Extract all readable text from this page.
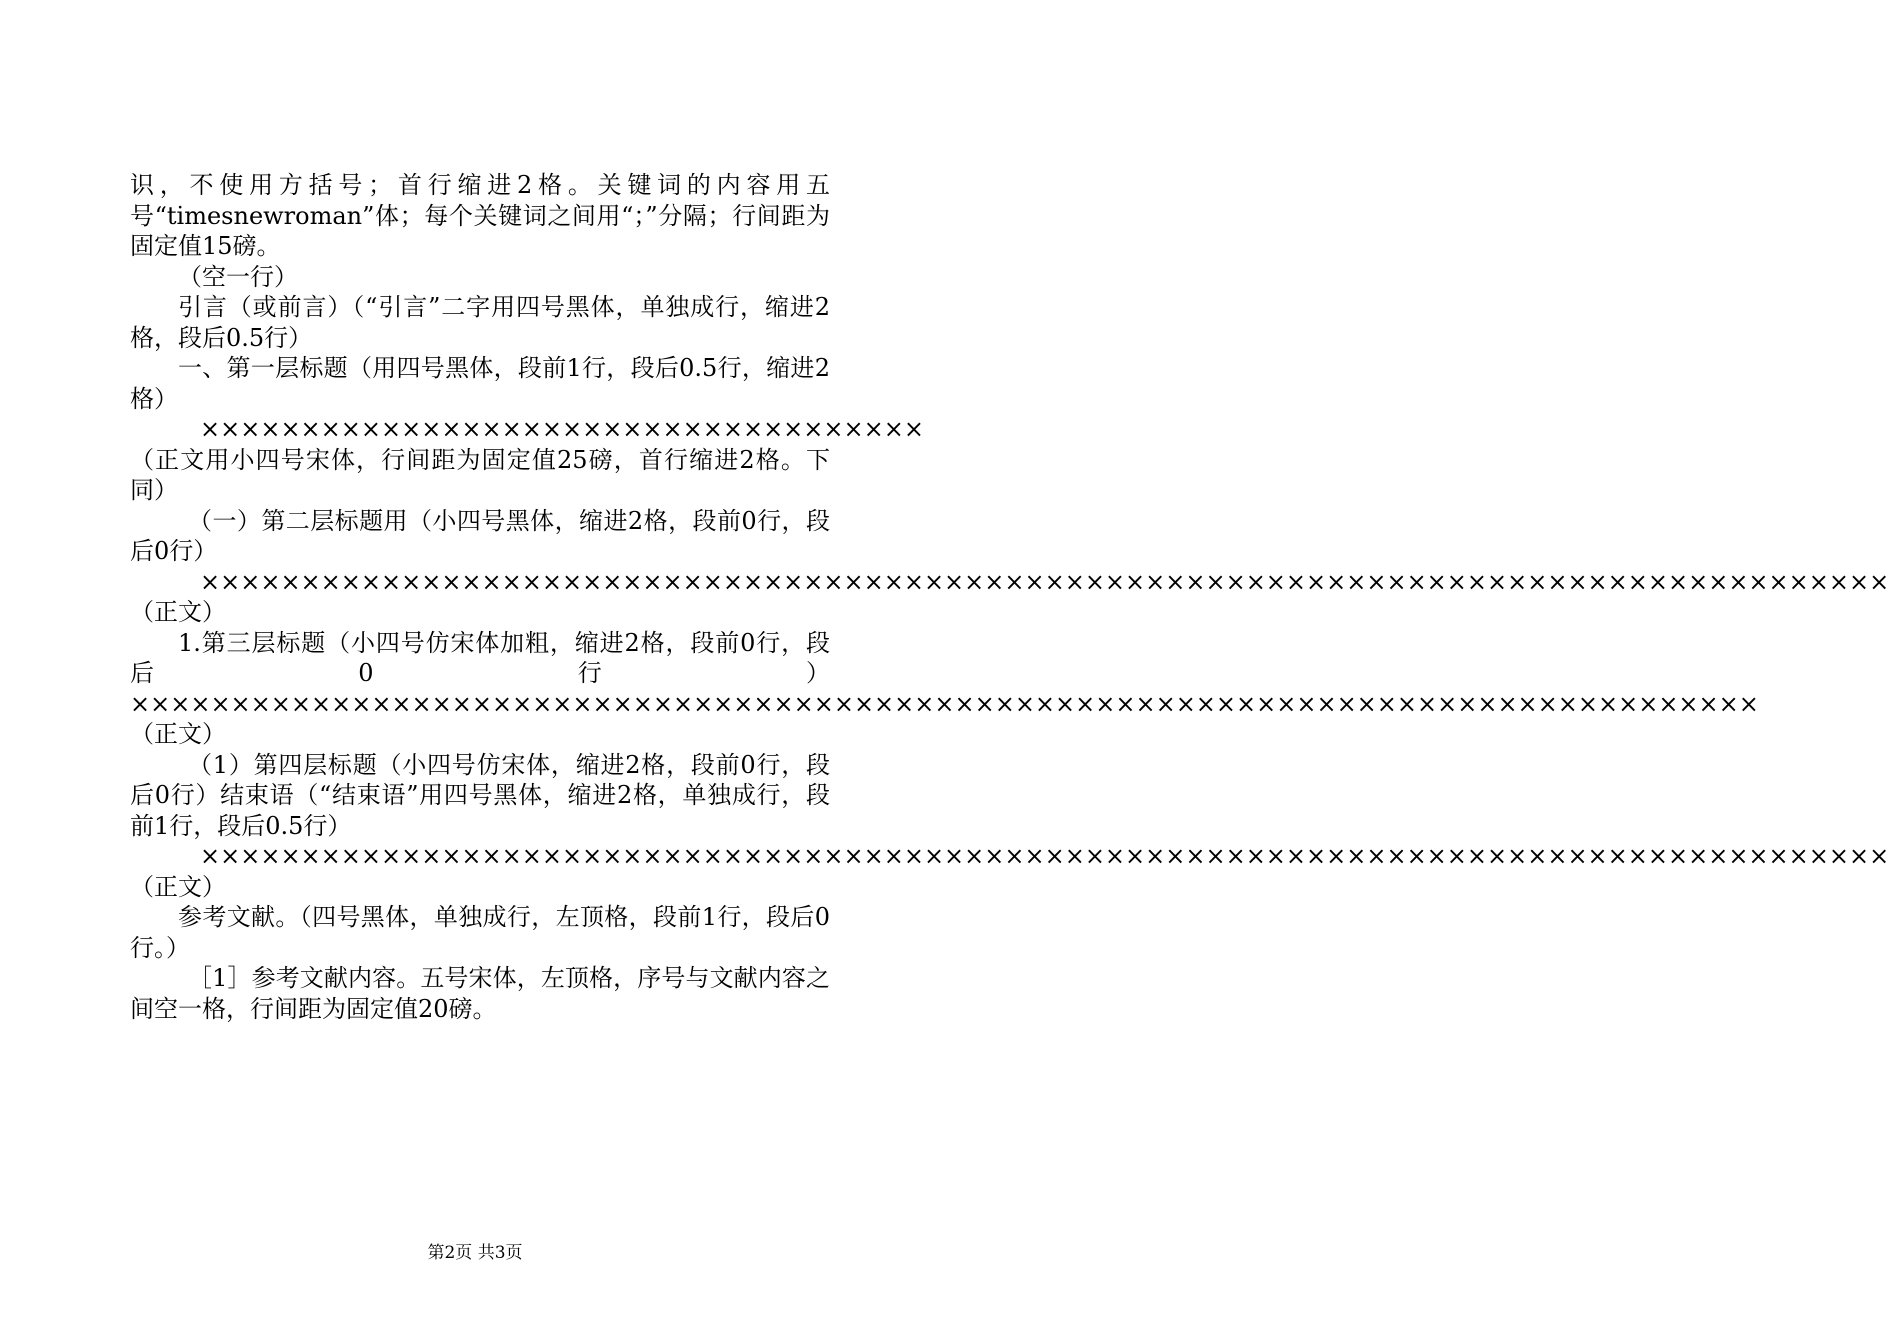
识，不使用方括号；首行缩进2格。关键词的内容用五号“timesnewroman”体；每个关键词之间用“；”分隔；行间距为固定值15磅。

（空一行）

引言（或前言）（“引言”二字用四号黑体，单独成行，缩进2格，段后0.5行）

一、第一层标题（用四号黑体，段前1行，段后0.5行，缩进2格）

××××××××××××××××××××××××××××××××××××（正文用小四号宋体，行间距为固定值25磅，首行缩进2格。下同）

（一）第二层标题用（小四号黑体，缩进2格，段前0行，段后0行）

××××××××××××××××××××××××××××××××××××××××××××××××××××××××××××××××××××××××××××××××××××（正文）

1.第三层标题（小四号仿宋体加粗，缩进2格，段前0行，段后0行）×××××××××××××××××××××××××××××××××××××××××××××××××××××××××××××××××××××××××××××××××（正文）

（1）第四层标题（小四号仿宋体，缩进2格，段前0行，段后0行）结束语（“结束语”用四号黑体，缩进2格，单独成行，段前1行，段后0.5行）

××××××××××××××××××××××××××××××××××××××××××××××××××××××××××××××××××××××××××××××××××××（正文）

参考文献。（四号黑体，单独成行，左顶格，段前1行，段后0行。）

［1］参考文献内容。五号宋体，左顶格，序号与文献内容之间空一格，行间距为固定值20磅。

第2页 共3页
